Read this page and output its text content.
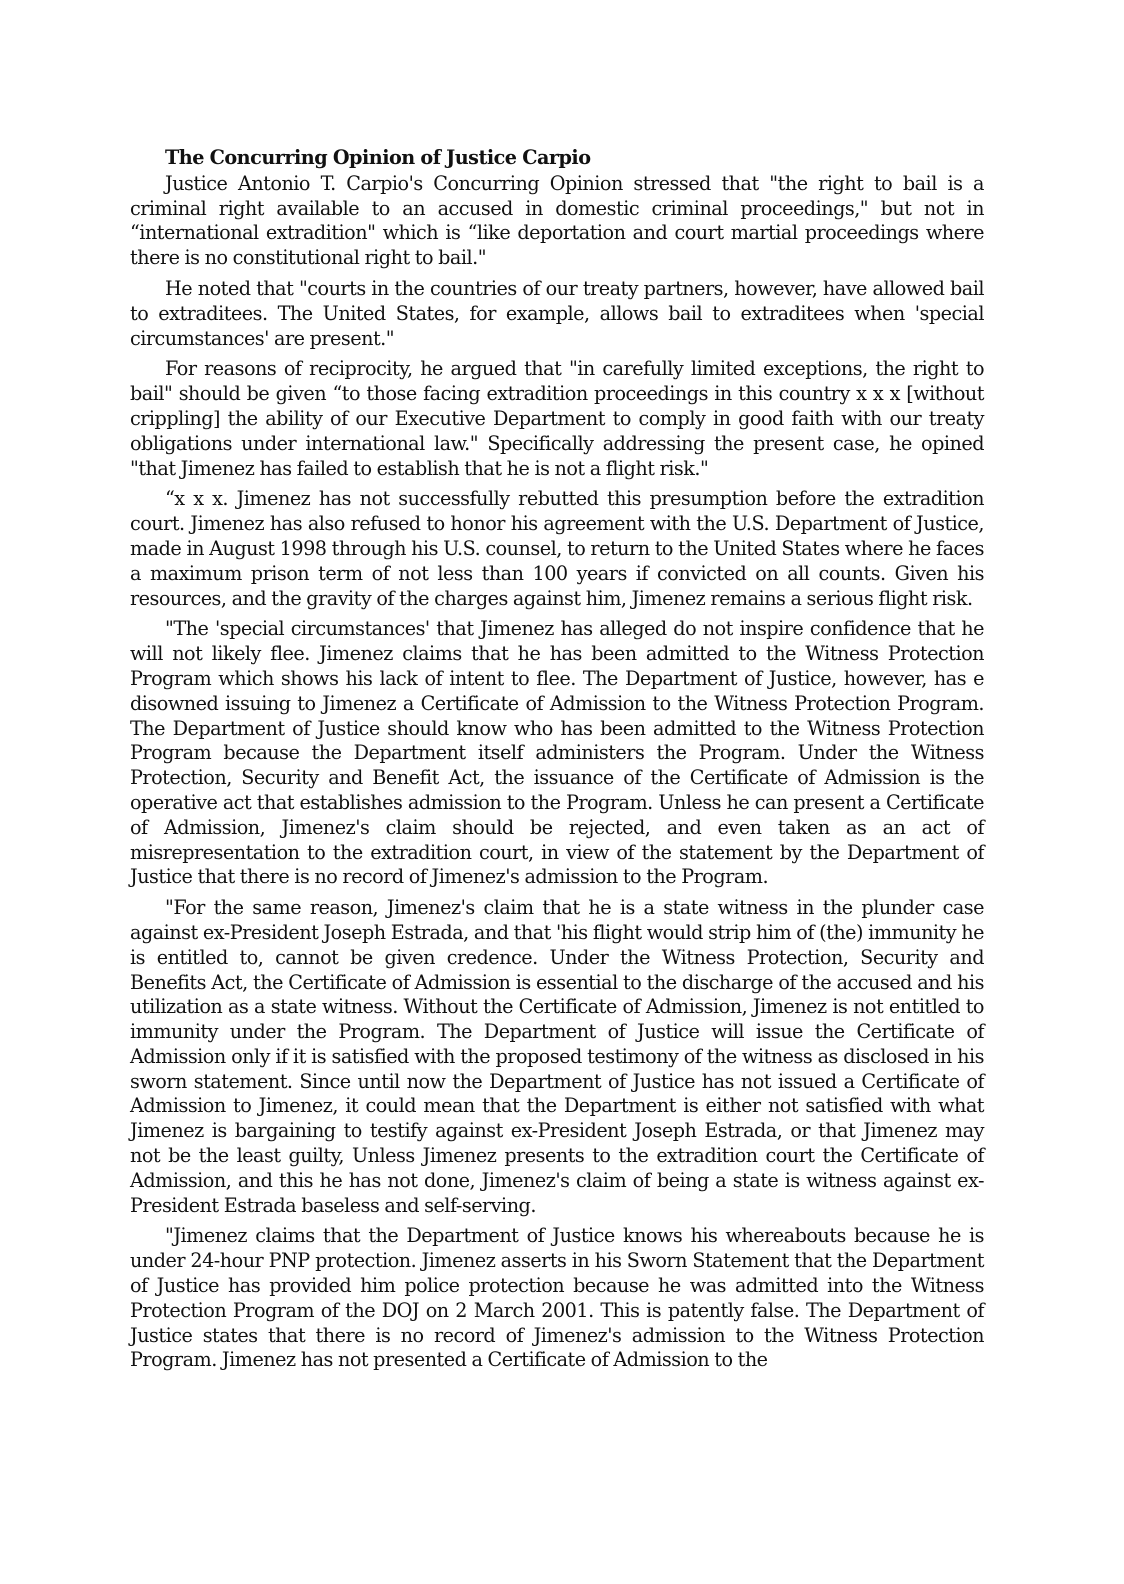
The Concurring Opinion of Justice Carpio

Justice Antonio T. Carpio's Concurring Opinion stressed that "the right to bail is a criminal right available to an accused in domestic criminal proceedings," but not in “international extradition" which is “like deportation and court martial proceedings where there is no constitutional right to bail."

He noted that "courts in the countries of our treaty partners, however, have allowed bail to extraditees. The United States, for example, allows bail to extraditees when 'special circumstances' are present."

For reasons of reciprocity, he argued that "in carefully limited exceptions, the right to bail" should be given “to those facing extradition proceedings in this country x x x [without crippling] the ability of our Executive Department to comply in good faith with our treaty obligations under international law." Specifically addressing the present case, he opined "that Jimenez has failed to establish that he is not a flight risk."

“x x x. Jimenez has not successfully rebutted this presumption before the extradition court. Jimenez has also refused to honor his agreement with the U.S. Department of Justice, made in August 1998 through his U.S. counsel, to return to the United States where he faces a maximum prison term of not less than 100 years if convicted on all counts. Given his resources, and the gravity of the charges against him, Jimenez remains a serious flight risk.

"The 'special circumstances' that Jimenez has alleged do not inspire confidence that he will not likely flee. Jimenez claims that he has been admitted to the Witness Protection Program which shows his lack of intent to flee. The Department of Justice, however, has e disowned issuing to Jimenez a Certificate of Admission to the Witness Protection Program. The Department of Justice should know who has been admitted to the Witness Protection Program because the Department itself administers the Program. Under the Witness Protection, Security and Benefit Act, the issuance of the Certificate of Admission is the operative act that establishes admission to the Program. Unless he can present a Certificate of Admission, Jimenez's claim should be rejected, and even taken as an act of misrepresentation to the extradition court, in view of the statement by the Department of Justice that there is no record of Jimenez's admission to the Program.

"For the same reason, Jimenez's claim that he is a state witness in the plunder case against ex-President Joseph Estrada, and that 'his flight would strip him of (the) immunity he is entitled to, cannot be given credence. Under the Witness Protection, Security and Benefits Act, the Certificate of Admission is essential to the discharge of the accused and his utilization as a state witness. Without the Certificate of Admission, Jimenez is not entitled to immunity under the Program. The Department of Justice will issue the Certificate of Admission only if it is satisfied with the proposed testimony of the witness as disclosed in his sworn statement. Since until now the Department of Justice has not issued a Certificate of Admission to Jimenez, it could mean that the Department is either not satisfied with what Jimenez is bargaining to testify against ex-President Joseph Estrada, or that Jimenez may not be the least guilty, Unless Jimenez presents to the extradition court the Certificate of Admission, and this he has not done, Jimenez's claim of being a state is witness against ex-President Estrada baseless and self-serving.

"Jimenez claims that the Department of Justice knows his whereabouts because he is under 24-hour PNP protection. Jimenez asserts in his Sworn Statement that the Department of Justice has provided him police protection because he was admitted into the Witness Protection Program of the DOJ on 2 March 2001. This is patently false. The Department of Justice states that there is no record of Jimenez's admission to the Witness Protection Program. Jimenez has not presented a Certificate of Admission to the
